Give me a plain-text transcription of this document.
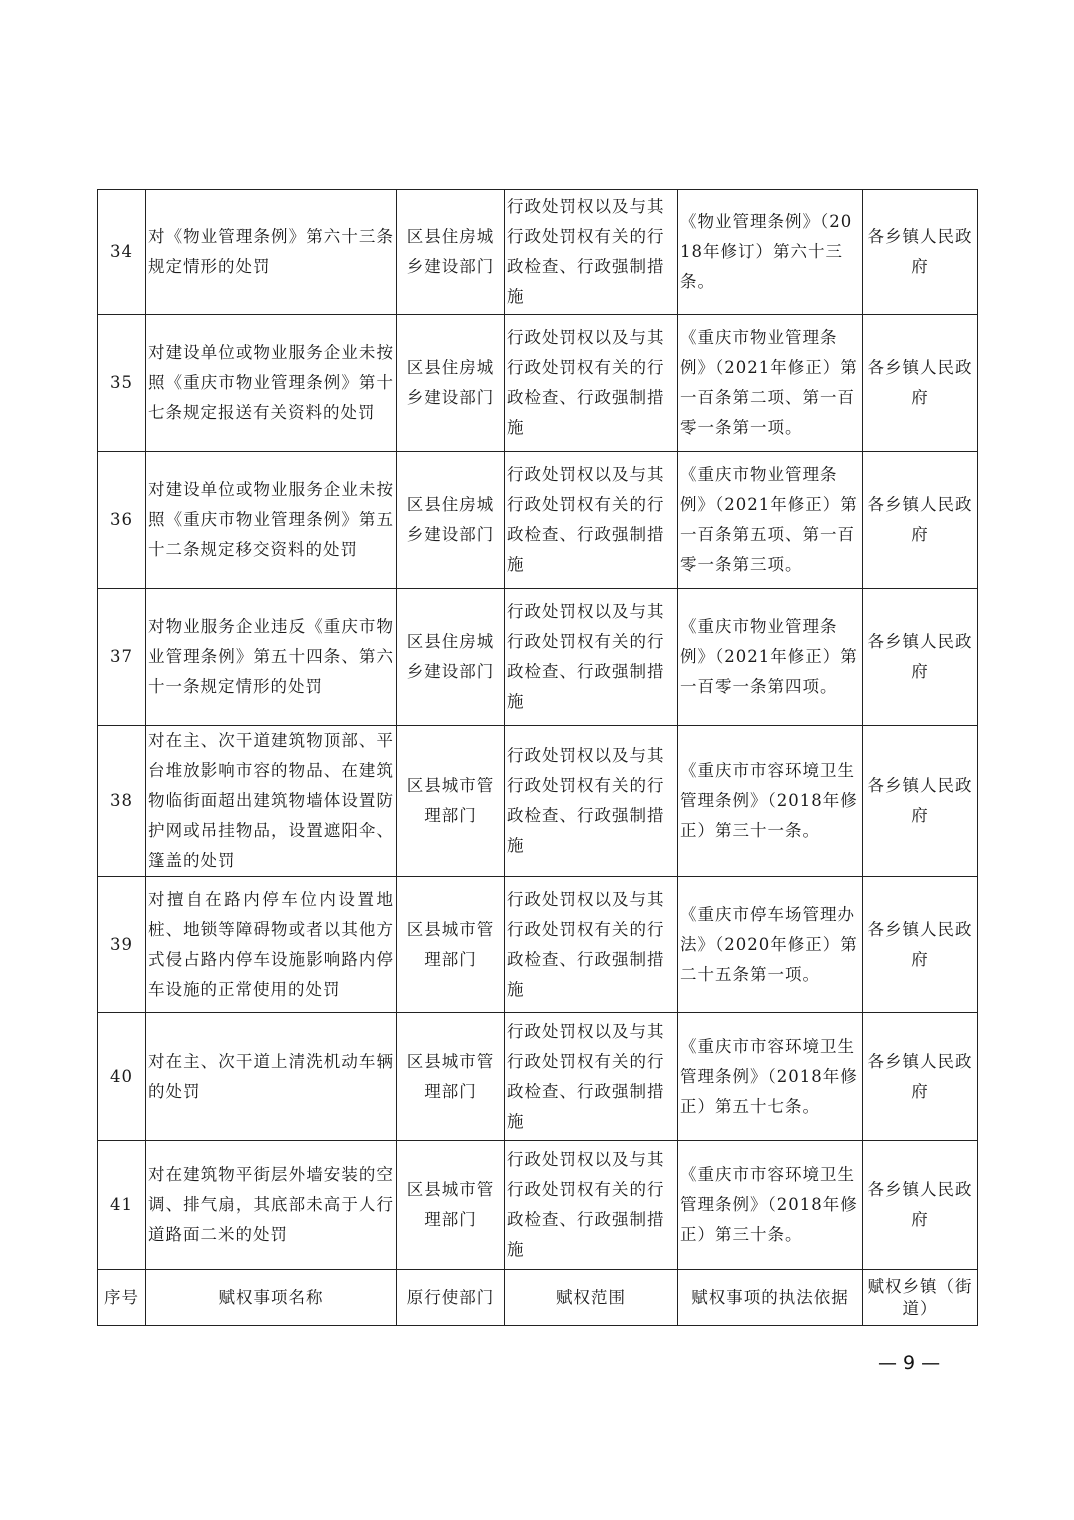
34	对《物业管理条例》第六十三条规定情形的处罚	区县住房城乡建设部门	行政处罚权以及与其行政处罚权有关的行政检查、行政强制措施	《物业管理条例》（2018年修订）第六十三条。	各乡镇人民政府
35	对建设单位或物业服务企业未按照《重庆市物业管理条例》第十七条规定报送有关资料的处罚	区县住房城乡建设部门	行政处罚权以及与其行政处罚权有关的行政检查、行政强制措施	《重庆市物业管理条例》（2021年修正）第一百条第二项、第一百零一条第一项。	各乡镇人民政府
36	对建设单位或物业服务企业未按照《重庆市物业管理条例》第五十二条规定移交资料的处罚	区县住房城乡建设部门	行政处罚权以及与其行政处罚权有关的行政检查、行政强制措施	《重庆市物业管理条例》（2021年修正）第一百条第五项、第一百零一条第三项。	各乡镇人民政府
37	对物业服务企业违反《重庆市物业管理条例》第五十四条、第六十一条规定情形的处罚	区县住房城乡建设部门	行政处罚权以及与其行政处罚权有关的行政检查、行政强制措施	《重庆市物业管理条例》（2021年修正）第一百零一条第四项。	各乡镇人民政府
38	对在主、次干道建筑物顶部、平台堆放影响市容的物品、在建筑物临街面超出建筑物墙体设置防护网或吊挂物品，设置遮阳伞、篷盖的处罚	区县城市管理部门	行政处罚权以及与其行政处罚权有关的行政检查、行政强制措施	《重庆市市容环境卫生管理条例》（2018年修正）第三十一条。	各乡镇人民政府
39	对擅自在路内停车位内设置地桩、地锁等障碍物或者以其他方式侵占路内停车设施影响路内停车设施的正常使用的处罚	区县城市管理部门	行政处罚权以及与其行政处罚权有关的行政检查、行政强制措施	《重庆市停车场管理办法》（2020年修正）第二十五条第一项。	各乡镇人民政府
40	对在主、次干道上清洗机动车辆的处罚	区县城市管理部门	行政处罚权以及与其行政处罚权有关的行政检查、行政强制措施	《重庆市市容环境卫生管理条例》（2018年修正）第五十七条。	各乡镇人民政府
41	对在建筑物平街层外墙安装的空调、排气扇，其底部未高于人行道路面二米的处罚	区县城市管理部门	行政处罚权以及与其行政处罚权有关的行政检查、行政强制措施	《重庆市市容环境卫生管理条例》（2018年修正）第三十条。	各乡镇人民政府
序号	赋权事项名称	原行使部门	赋权范围	赋权事项的执法依据	赋权乡镇（街道）
— 9 —
